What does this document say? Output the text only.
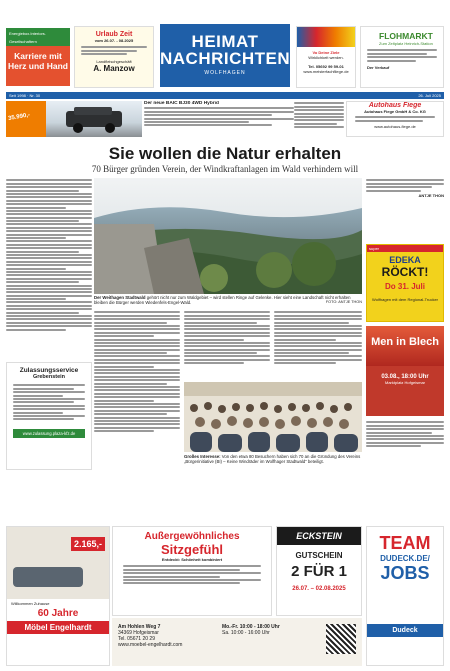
Energiebox.Interiors.
Gesellschaftern
Karriere mit Herz und Hand
Urlaub Zeit
vom 26.07. - 08.2025
Landfleischgeschäft
A. Manzow
HEIMAT
NACHRICHTEN
WOLFHAGEN
Vo Deine Ziele
Wirklichkeit werden.
Tel. 05692 99 59-01
www.meisterfachfliege.de
FLOHMARKT
Zum Zeltplatz Heinrich-Station
Der Verkauf
Seit 1998 · Nr. 30	26. Juli 2025
35.990,-
Der neue BAIC BJ30 4WD Hybrid	Autohaus Fiege
Autohaus Fiege GmbH & Co. KG
www.autohaus-fiege.de
Sie wollen die Natur erhalten
70 Bürger gründen Verein, der Windkraftanlagen im Wald verhindern will
Der Weithagen Stadtwald gehört nicht nur zum Waldgebiet – wird stellen Ringe auf Gelenke. Hier sieht eine Landschaft nicht erhalten bleiben die Bürger werden Wiedenfels-Engel-Wald.	FOTO: ANTJE THON
Großes Interesse: Von den etwa 80 Besuchern haben sich 70 an die Gründung des Vereins „Bürgerinitiative (BI) – Keine Windräder im Wolfhager Stadtwald“ beteiligt.
ANTJE THON
super
EDEKA
RÖCKT!
Do 31. Juli
Wolfhagen mit dem Regional-Trucker
Men in Blech
03.08., 18:00 Uhr
Marktplatz Hofgeismar
Zulassungsservice
Grebenstein
www.zulassung.plaza-kfz.de
TEAM
DUDECK.DE/
JOBS
Dudeck
2.165,-
Willkommen Zuhause
60 Jahre
Möbel Engelhardt
Außergewöhnliches
Sitzgefühl
Entdeckt: Schönheit kombiniert
ECKSTEIN
GUTSCHEIN
2 FÜR 1
26.07. – 02.08.2025
Am Hohlen Weg 7
34369 Hofgeismar
Tel. 05671 20 29
www.moebel-engelhardt.com
Mo.-Fr. 10:00 - 18:00 Uhr
Sa. 10:00 - 16:00 Uhr
